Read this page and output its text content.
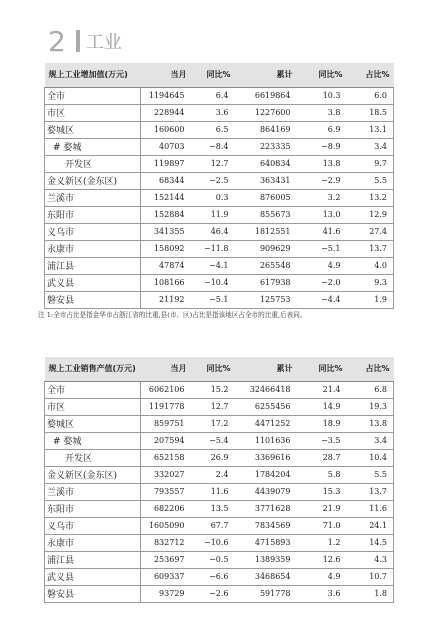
2 工业
规上工业增加值(万元)	当月	同比%	累计	同比%	占比%
全市	1194645	6.4	6619864	10.3	6.0
市区	228944	3.6	1227600	3.8	18.5
婺城区	160600	6.5	864169	6.9	13.1
# 婺城	40703	−8.4	223335	−8.9	3.4
开发区	119897	12.7	640834	13.8	9.7
金义新区(金东区)	68344	−2.5	363431	−2.9	5.5
兰溪市	152144	0.3	876005	3.2	13.2
东阳市	152884	11.9	855673	13.0	12.9
义乌市	341355	46.4	1812551	41.6	27.4
永康市	158092	−11.8	909629	−5.1	13.7
浦江县	47874	−4.1	265548	4.9	4.0
武义县	108166	−10.4	617938	−2.0	9.3
磐安县	21192	−5.1	125753	−4.4	1.9
注 1:全市占比是指金华市占浙江省的比重,县(市、区)占比是指该地区占全市的比重,后表同。
规上工业销售产值(万元)	当月	同比%	累计	同比%	占比%
全市	6062106	15.2	32466418	21.4	6.8
市区	1191778	12.7	6255456	14.9	19.3
婺城区	859751	17.2	4471252	18.9	13.8
# 婺城	207594	−5.4	1101636	−3.5	3.4
开发区	652158	26.9	3369616	28.7	10.4
金义新区(金东区)	332027	2.4	1784204	5.8	5.5
兰溪市	793557	11.6	4439079	15.3	13.7
东阳市	682206	13.5	3771628	21.9	11.6
义乌市	1605090	67.7	7834569	71.0	24.1
永康市	832712	−10.6	4715893	1.2	14.5
浦江县	253697	−0.5	1389359	12.6	4.3
武义县	609337	−6.6	3468654	4.9	10.7
磐安县	93729	−2.6	591778	3.6	1.8
